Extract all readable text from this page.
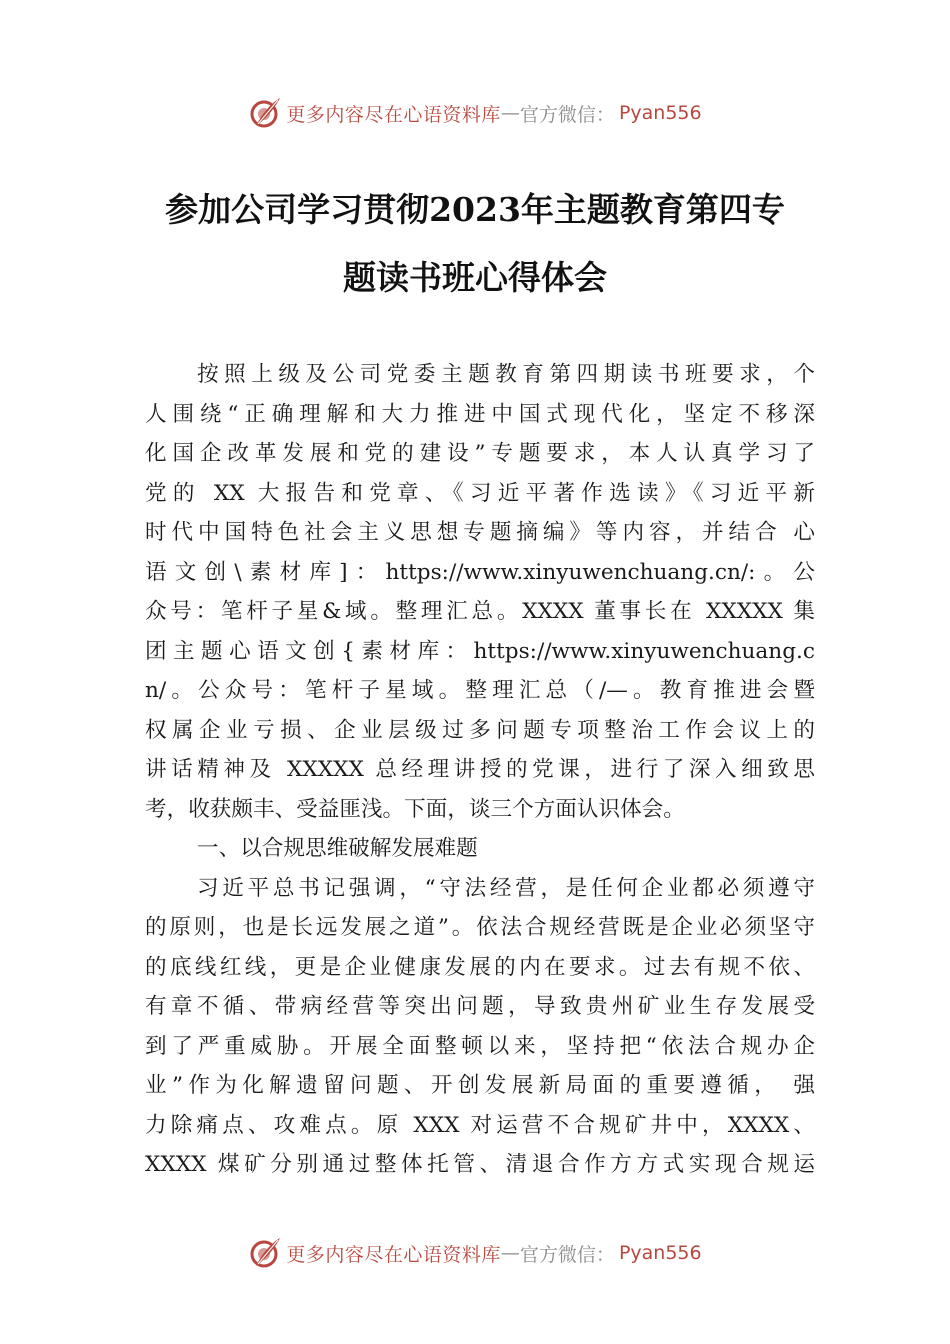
更多内容尽在心语资料库 — 官方微信： Pyan556
参加公司学习贯彻2023年主题教育第四专
题读书班心得体会
按照上级及公司党委主题教育第四期读书班要求，个
人围绕“正确理解和大力推进中国式现代化，坚定不移深
化国企改革发展和党的建设”专题要求，本人认真学习了
党的 XX 大报告和党章、《习近平著作选读》《习近平新
时代中国特色社会主义思想专题摘编》等内容，并结合 心
语文创\素材库]：https://www.xinyuwenchuang.cn/:。公
众号：笔杆子星&域。整理汇总。XXXX 董事长在 XXXXX 集
团主题心语文创{素材库：https://www.xinyuwenchuang.c
n/。公众号：笔杆子星域。整理汇总（/—。教育推进会暨
权属企业亏损、企业层级过多问题专项整治工作会议上的
讲话精神及 XXXXX 总经理讲授的党课，进行了深入细致思
考，收获颇丰、受益匪浅。下面，谈三个方面认识体会。
一、以合规思维破解发展难题
习近平总书记强调，“守法经营，是任何企业都必须遵守
的原则，也是长远发展之道”。依法合规经营既是企业必须坚守
的底线红线，更是企业健康发展的内在要求。过去有规不依、
有章不循、带病经营等突出问题，导致贵州矿业生存发展受
到了严重威胁。开展全面整顿以来，坚持把“依法合规办企
业”作为化解遗留问题、开创发展新局面的重要遵循， 强
力除痛点、攻难点。原 XXX 对运营不合规矿井中，XXXX、
XXXX 煤矿分别通过整体托管、清退合作方方式实现合规运
更多内容尽在心语资料库 — 官方微信： Pyan556
